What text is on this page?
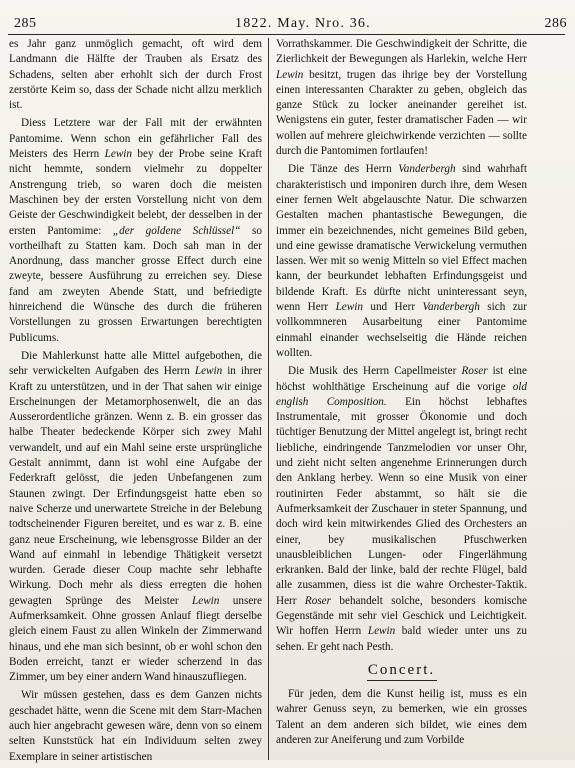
285	1822. May. Nro. 36.	286

es Jahr ganz unmöglich gemacht, oft wird dem Landmann die Hälfte der Trauben als Ersatz des Schadens, selten aber erhohlt sich der durch Frost zerstörte Keim so, dass der Schade nicht allzu merklich ist.

Diess Letztere war der Fall mit der erwähnten Pantomime. Wenn schon ein gefährlicher Fall des Meisters des Herrn Lewin bey der Probe seine Kraft nicht hemmte, sondern vielmehr zu doppelter Anstrengung trieb, so waren doch die meisten Maschinen bey der ersten Vorstellung nicht von dem Geiste der Geschwindigkeit belebt, der desselben in der ersten Pantomime: „der goldene Schlüssel“ so vortheilhaft zu Statten kam. Doch sah man in der Anordnung, dass mancher grosse Effect durch eine zweyte, bessere Ausführung zu erreichen sey. Diese fand am zweyten Abende Statt, und befriedigte hinreichend die Wünsche des durch die früheren Vorstellungen zu grossen Erwartungen berechtigten Publicums.

Die Mahlerkunst hatte alle Mittel aufgebothen, die sehr verwickelten Aufgaben des Herrn Lewin in ihrer Kraft zu unterstützen, und in der That sahen wir einige Erscheinungen der Metamorphosenwelt, die an das Ausserordentliche gränzen. Wenn z. B. ein grosser das halbe Theater bedeckende Körper sich zwey Mahl verwandelt, und auf ein Mahl seine erste ursprüngliche Gestalt annimmt, dann ist wohl eine Aufgabe der Federkraft gelösst, die jeden Unbefangenen zum Staunen zwingt. Der Erfindungsgeist hatte eben so naive Scherze und unerwartete Streiche in der Belebung todtscheinender Figuren bereitet, und es war z. B. eine ganz neue Erscheinung, wie lebensgrosse Bilder an der Wand auf einmahl in lebendige Thätigkeit versetzt wurden. Gerade dieser Coup machte sehr lebhafte Wirkung. Doch mehr als diess erregten die hohen gewagten Sprünge des Meister Lewin unsere Aufmerksamkeit. Ohne grossen Anlauf fliegt derselbe gleich einem Faust zu allen Winkeln der Zimmerwand hinaus, und ehe man sich besinnt, ob er wohl schon den Boden erreicht, tanzt er wieder scherzend in das Zimmer, um bey einer andern Wand hinauszufliegen.

Wir müssen gestehen, dass es dem Ganzen nichts geschadet hätte, wenn die Scene mit dem Starr-Machen auch hier angebracht gewesen wäre, denn von so einem selten Kunststück hat ein Individuum selten zwey Exemplare in seiner artistischen

Vorrathskammer. Die Geschwindigkeit der Schritte, die Zierlichkeit der Bewegungen als Harlekin, welche Herr Lewin besitzt, trugen das ihrige bey der Vorstellung einen interessanten Charakter zu geben, obgleich das ganze Stück zu locker aneinander gereihet ist. Wenigstens ein guter, fester dramatischer Faden — wir wollen auf mehrere gleichwirkende verzichten — sollte durch die Pantomimen fortlaufen!

Die Tänze des Herrn Vanderbergh sind wahrhaft charakteristisch und imponiren durch ihre, dem Wesen einer fernen Welt abgelauschte Natur. Die schwarzen Gestalten machen phantastische Bewegungen, die immer ein bezeichnendes, nicht gemeines Bild geben, und eine gewisse dramatische Verwickelung vermuthen lassen. Wer mit so wenig Mitteln so viel Effect machen kann, der beurkundet lebhaften Erfindungsgeist und bildende Kraft. Es dürfte nicht uninteressant seyn, wenn Herr Lewin und Herr Vanderbergh sich zur vollkommneren Ausarbeitung einer Pantomime einmahl einander wechselseitig die Hände reichen wollten.

Die Musik des Herrn Capellmeister Roser ist eine höchst wohlthätige Erscheinung auf die vorige old english Composition. Ein höchst lebhaftes Instrumentale, mit grosser Ökonomie und doch tüchtiger Benutzung der Mittel angelegt ist, bringt recht liebliche, eindringende Tanzmelodien vor unser Ohr, und zieht nicht selten angenehme Erinnerungen durch den Anklang herbey. Wenn so eine Musik von einer routinirten Feder abstammt, so hält sie die Aufmerksamkeit der Zuschauer in steter Spannung, und doch wird kein mitwirkendes Glied des Orchesters an einer, bey musikalischen Pfuschwerken unausbleiblichen Lungen- oder Fingerlähmung erkranken. Bald der linke, bald der rechte Flügel, bald alle zusammen, diess ist die wahre Orchester-Taktik. Herr Roser behandelt solche, besonders komische Gegenstände mit sehr viel Geschick und Leichtigkeit. Wir hoffen Herrn Lewin bald wieder unter uns zu sehen. Er geht nach Pesth.

Concert.

Für jeden, dem die Kunst heilig ist, muss es ein wahrer Genuss seyn, zu bemerken, wie ein grosses Talent an dem anderen sich bildet, wie eines dem anderen zur Aneiferung und zum Vorbilde
